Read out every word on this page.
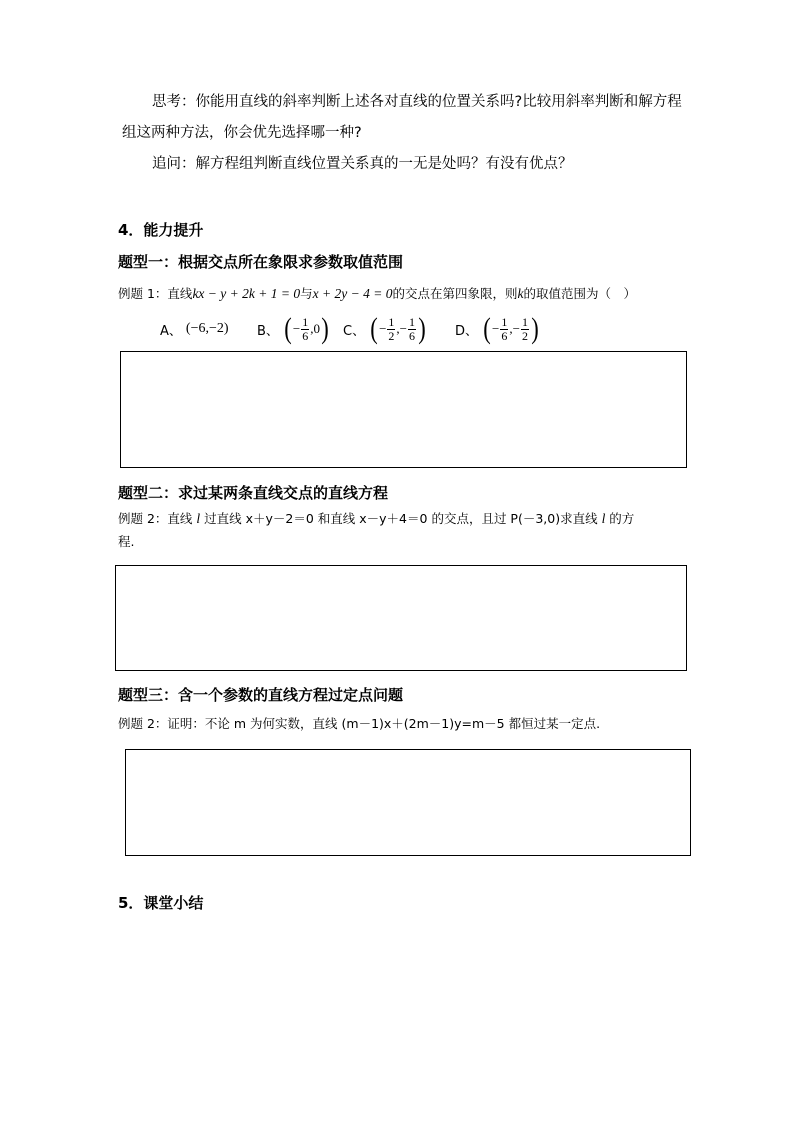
思考：你能用直线的斜率判断上述各对直线的位置关系吗?比较用斜率判断和解方程
组这两种方法，你会优先选择哪一种?
追问：解方程组判断直线位置关系真的一无是处吗？有没有优点？
4．能力提升
题型一：根据交点所在象限求参数取值范围
例题 1：直线kx − y + 2k + 1 = 0与x + 2y − 4 = 0的交点在第四象限，则k的取值范围为（　）
A、 (−6,−2) B、 ( − $\frac{1}{6} ,0$ ) C、 ( − $\frac{1}{2}$ ,− $\frac{1}{6}$ ) D、 ( − $\frac{1}{6}$ ,− $\frac{1}{2}$ )
题型二：求过某两条直线交点的直线方程
例题 2：直线 l 过直线 x＋y－2＝0 和直线 x－y＋4＝0 的交点，且过 P(－3,0)求直线 l 的方
程.
题型三：含一个参数的直线方程过定点问题
例题 2：证明：不论 m 为何实数，直线 (m－1)x＋(2m－1)y=m－5 都恒过某一定点.
5．课堂小结
